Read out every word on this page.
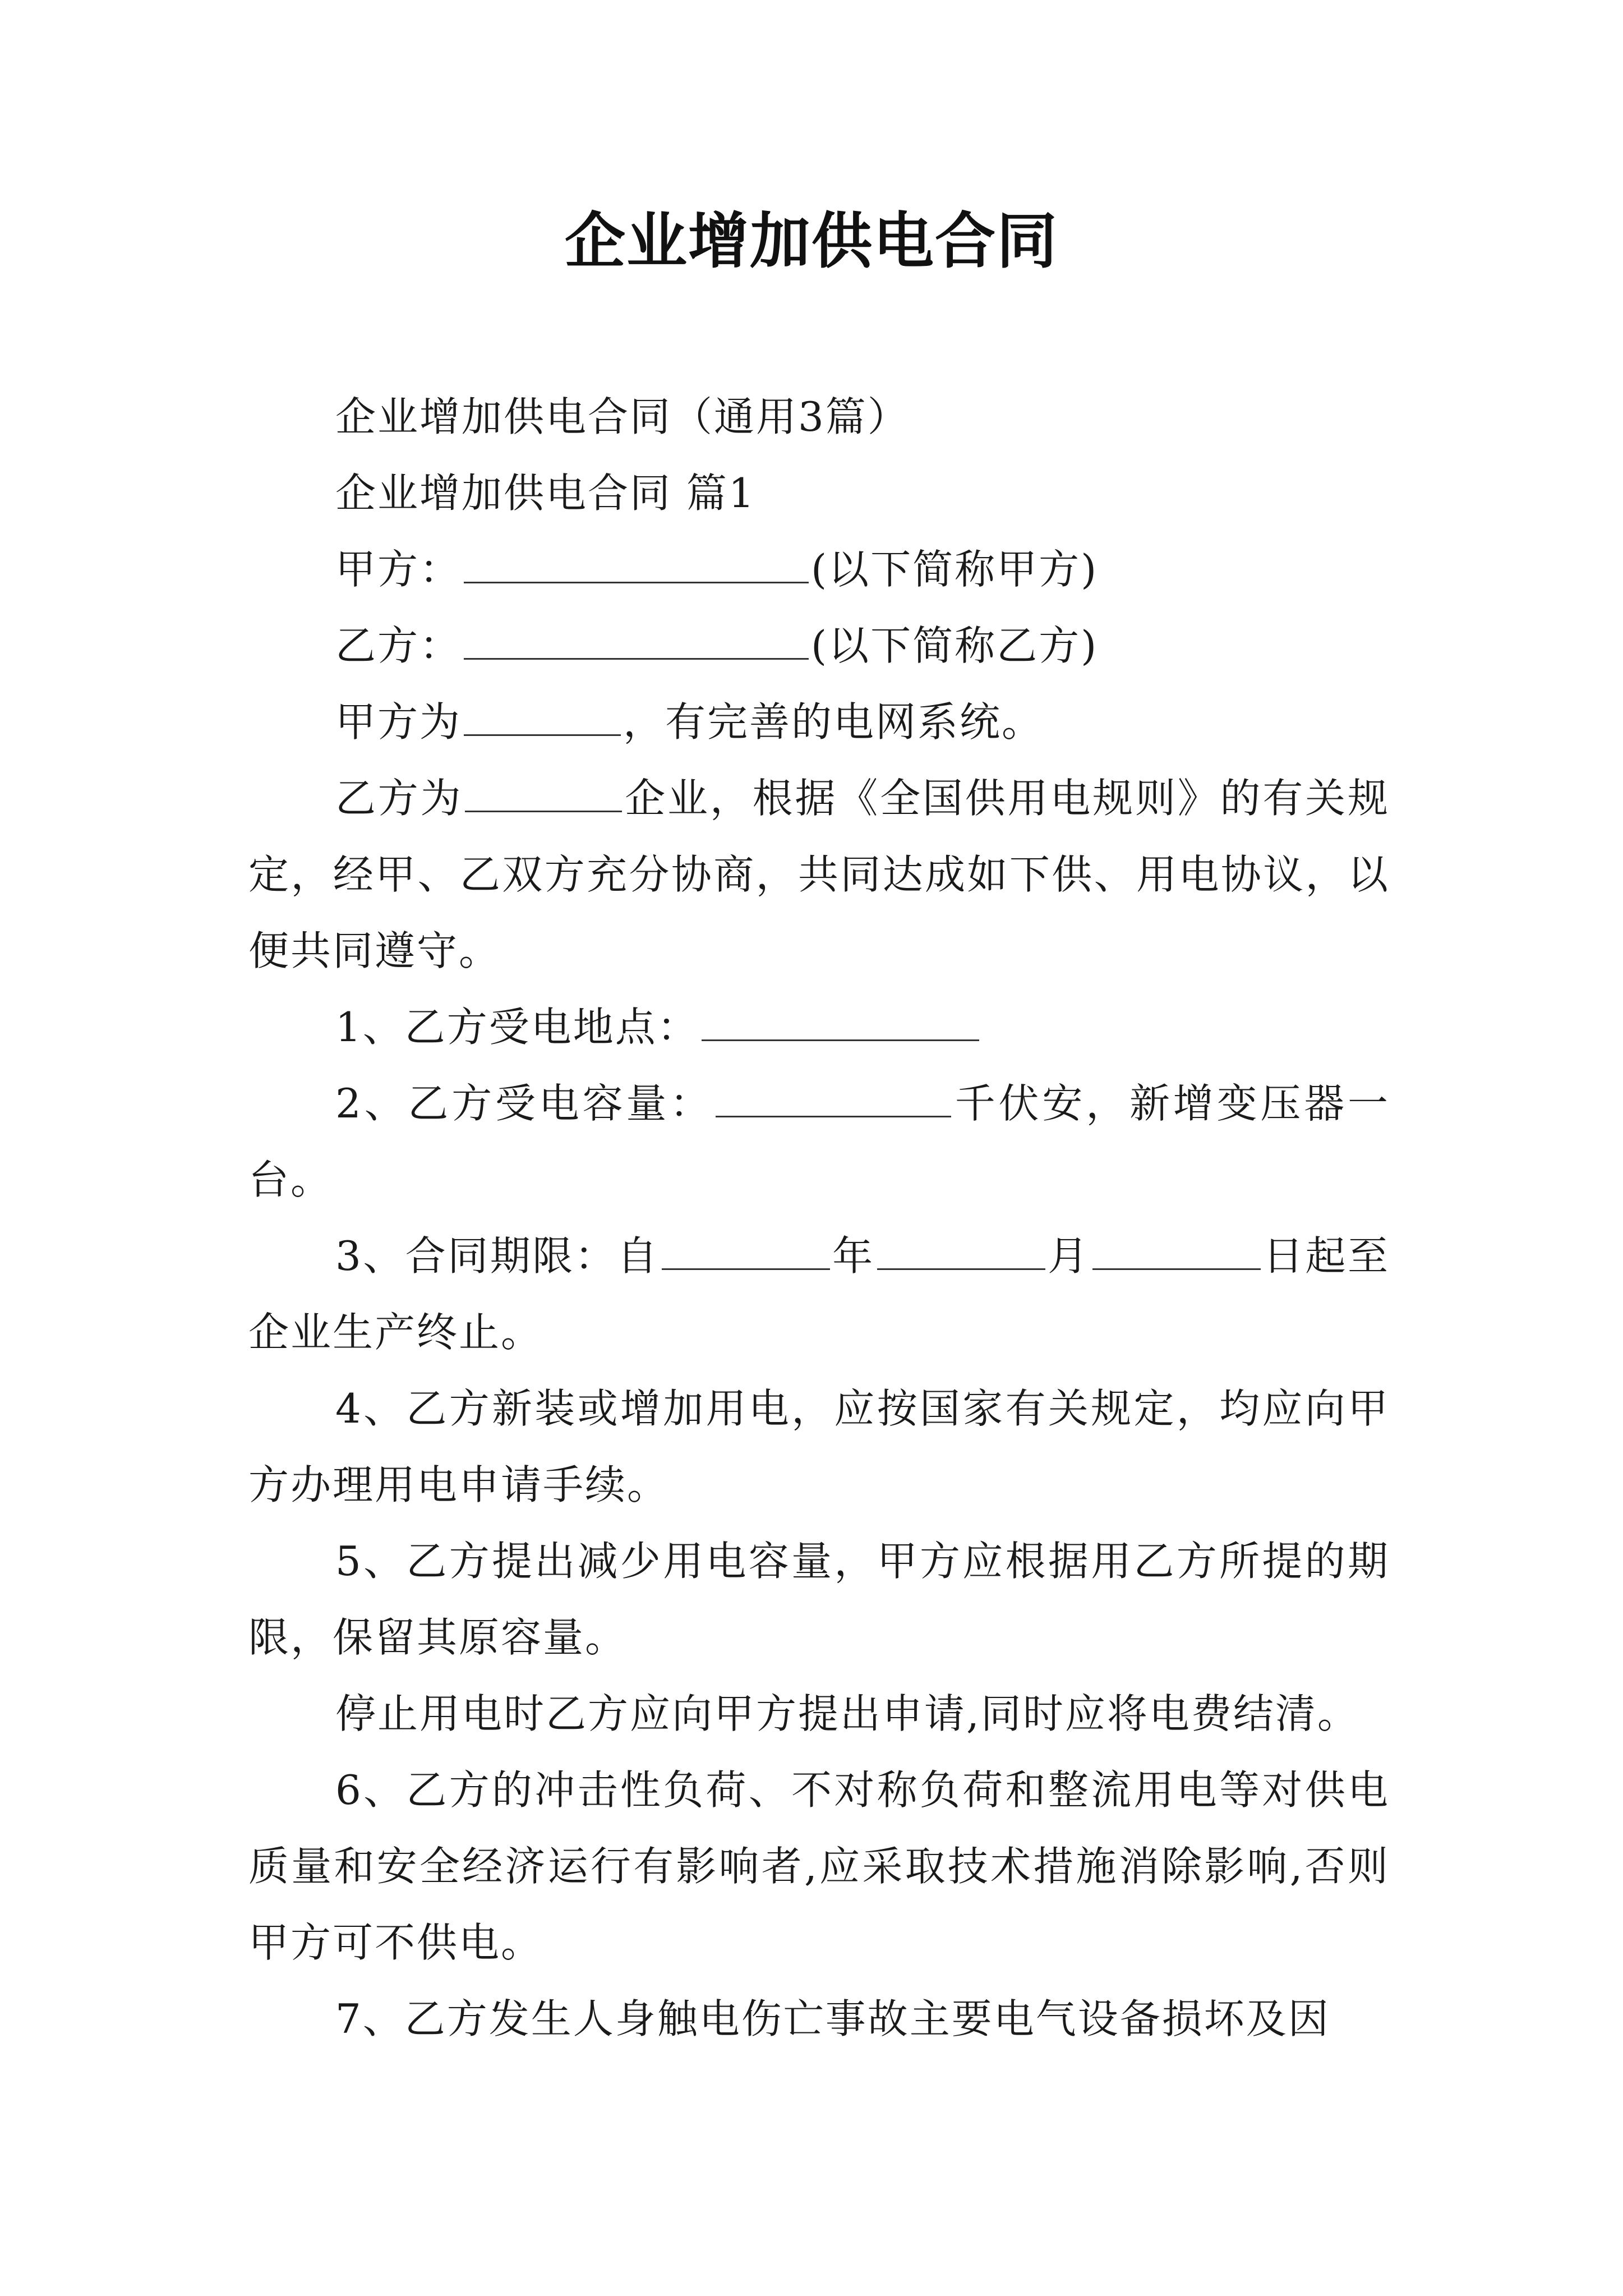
企业增加供电合同

企业增加供电合同（通用3篇）

企业增加供电合同 篇1

甲方：	(以下简称甲方)

乙方：	(以下简称乙方)

甲方为	，有完善的电网系统。

乙方为	企业，根据《全国供用电规则》的有关规定，经甲、乙双方充分协商，共同达成如下供、用电协议，以便共同遵守。

1、乙方受电地点：

2、乙方受电容量：	千伏安，新增变压器一台。

3、合同期限：自	年	月	日起至企业生产终止。

4、乙方新装或增加用电，应按国家有关规定，均应向甲方办理用电申请手续。

5、乙方提出减少用电容量，甲方应根据用乙方所提的期限，保留其原容量。

停止用电时乙方应向甲方提出申请,同时应将电费结清。

6、乙方的冲击性负荷、不对称负荷和整流用电等对供电质量和安全经济运行有影响者,应采取技术措施消除影响,否则甲方可不供电。

7、乙方发生人身触电伤亡事故主要电气设备损坏及因
